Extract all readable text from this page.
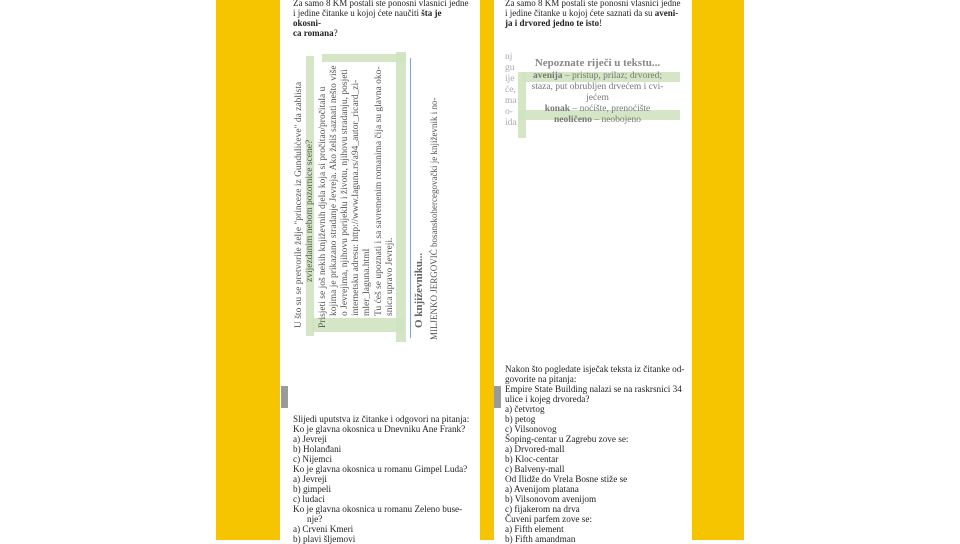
Za samo 8 KM postali ste ponosni vlasnici jedne
i jedine čitanke u kojoj ćete naučiti šta je okosni-
ca romana?
U što su se pretvorile želje "princeze iz Gundulićeve" da zablista zvijezdanim nebom pozornice scene? Prisjeti se još nekih književnih djela koja si pročitao/pročitala u kojima je prikazano stradanje Jevreja. Ako želiš saznati nešto više o Jevrejima, njihovu porijeklu i životu, njihovu stradanju, posjeti internetsku adresu: http://www.laguna.rs/a94_autor_ricard_zi- mler_laguna.html Tu ćeš se upoznati i sa savremenim romanima čija su glavna oko- snica upravo Jevreji. O književniku... MILJENKO JERGOVIĆ bosanskohercegovački je književnik i no-
Slijedi uputstva iz čitanke i odgovori na pitanja:
Ko je glavna okosnica u Dnevniku Ane Frank?
a) Jevreji
b) Holanđani
c) Nijemci
Ko je glavna okosnica u romanu Gimpel Luda?
a) Jevreji
b) gimpeli
c) ludaci
Ko je glavna okosnica u romanu Zeleno buse-
nje?
a) Crveni Kmeri
b) plavi šljemovi
Za samo 8 KM postali ste ponosni vlasnici jedne
i jedine čitanke u kojoj ćete saznati da su aveni-
ja i drvored jedno te isto!
nj
gu
ije
će,
ma
o-
ida
Nepoznate riječi u tekstu...
avenija – pristup, prilaz; drvored;
staza, put obrubljen drvećem i cvi-
jećem
konak – noćište, prenoćište
neoličeno – neobojeno
Nakon što pogledate isječak teksta iz čitanke od-
govorite na pitanja:
Empire State Building nalazi se na raskrsnici 34
ulice i kojeg drvoreda?
a) četvrtog
b) petog
c) Vilsonovog
Šoping-centar u Zagrebu zove se:
a) Drvored-mall
b) Kloc-centar
c) Balveny-mall
Od Ilidže do Vrela Bosne stiže se
a) Avenijom platana
b) Vilsonovom avenijom
c) fijakerom na drva
Čuveni parfem zove se:
a) Fifth element
b) Fifth amandman
